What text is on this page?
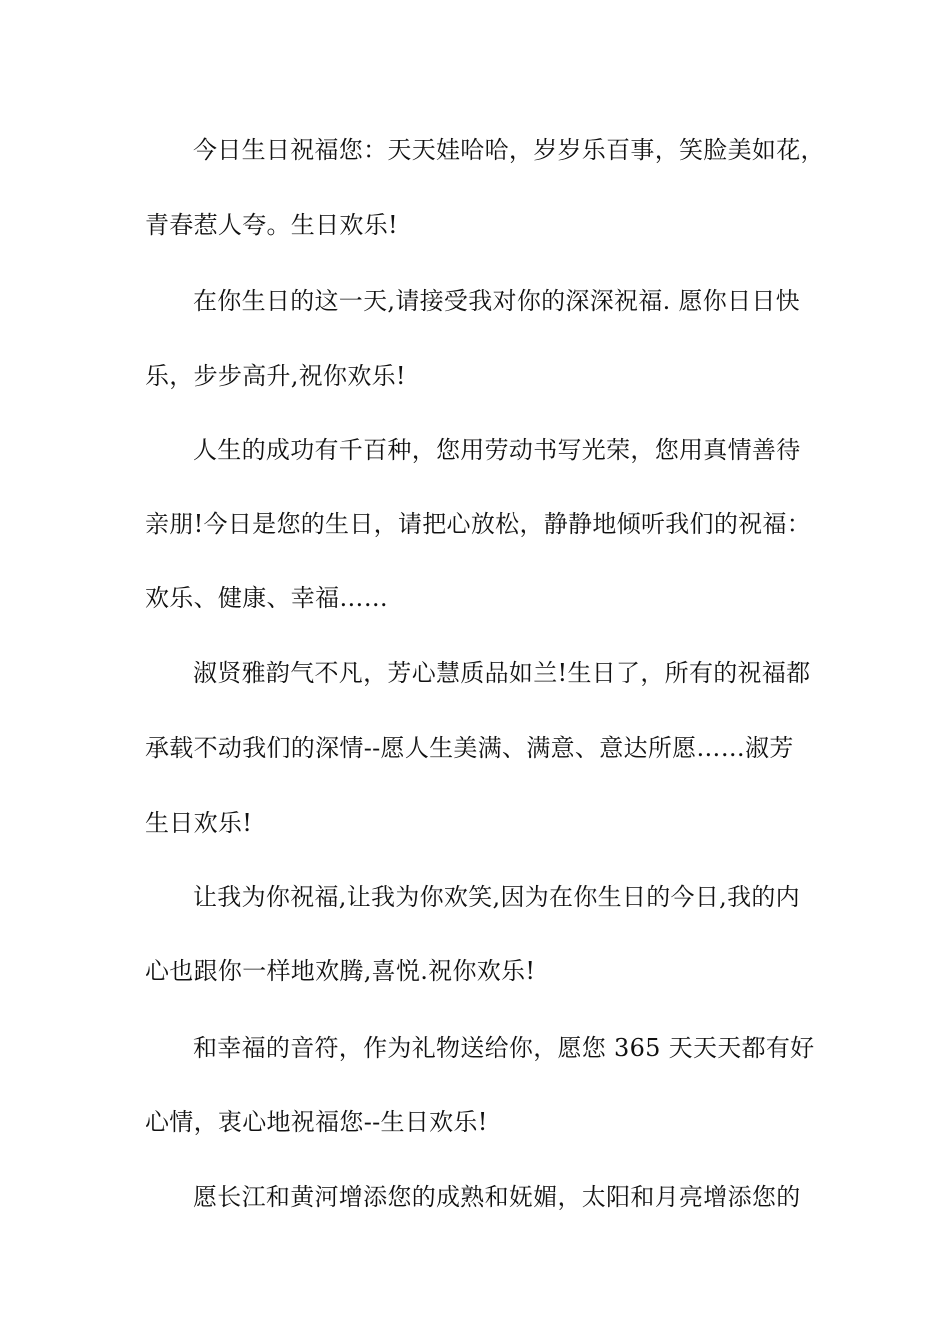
今日生日祝福您：天天娃哈哈，岁岁乐百事，笑脸美如花，
青春惹人夸。生日欢乐!
在你生日的这一天,请接受我对你的深深祝福. 愿你日日快
乐，步步高升,祝你欢乐!
人生的成功有千百种，您用劳动书写光荣，您用真情善待
亲朋!今日是您的生日，请把心放松，静静地倾听我们的祝福：
欢乐、健康、幸福……
淑贤雅韵气不凡，芳心慧质品如兰!生日了，所有的祝福都
承载不动我们的深情--愿人生美满、满意、意达所愿……淑芳
生日欢乐!
让我为你祝福,让我为你欢笑,因为在你生日的今日,我的内
心也跟你一样地欢腾,喜悦.祝你欢乐!
和幸福的音符，作为礼物送给你，愿您 365 天天天都有好
心情，衷心地祝福您--生日欢乐!
愿长江和黄河增添您的成熟和妩媚，太阳和月亮增添您的
